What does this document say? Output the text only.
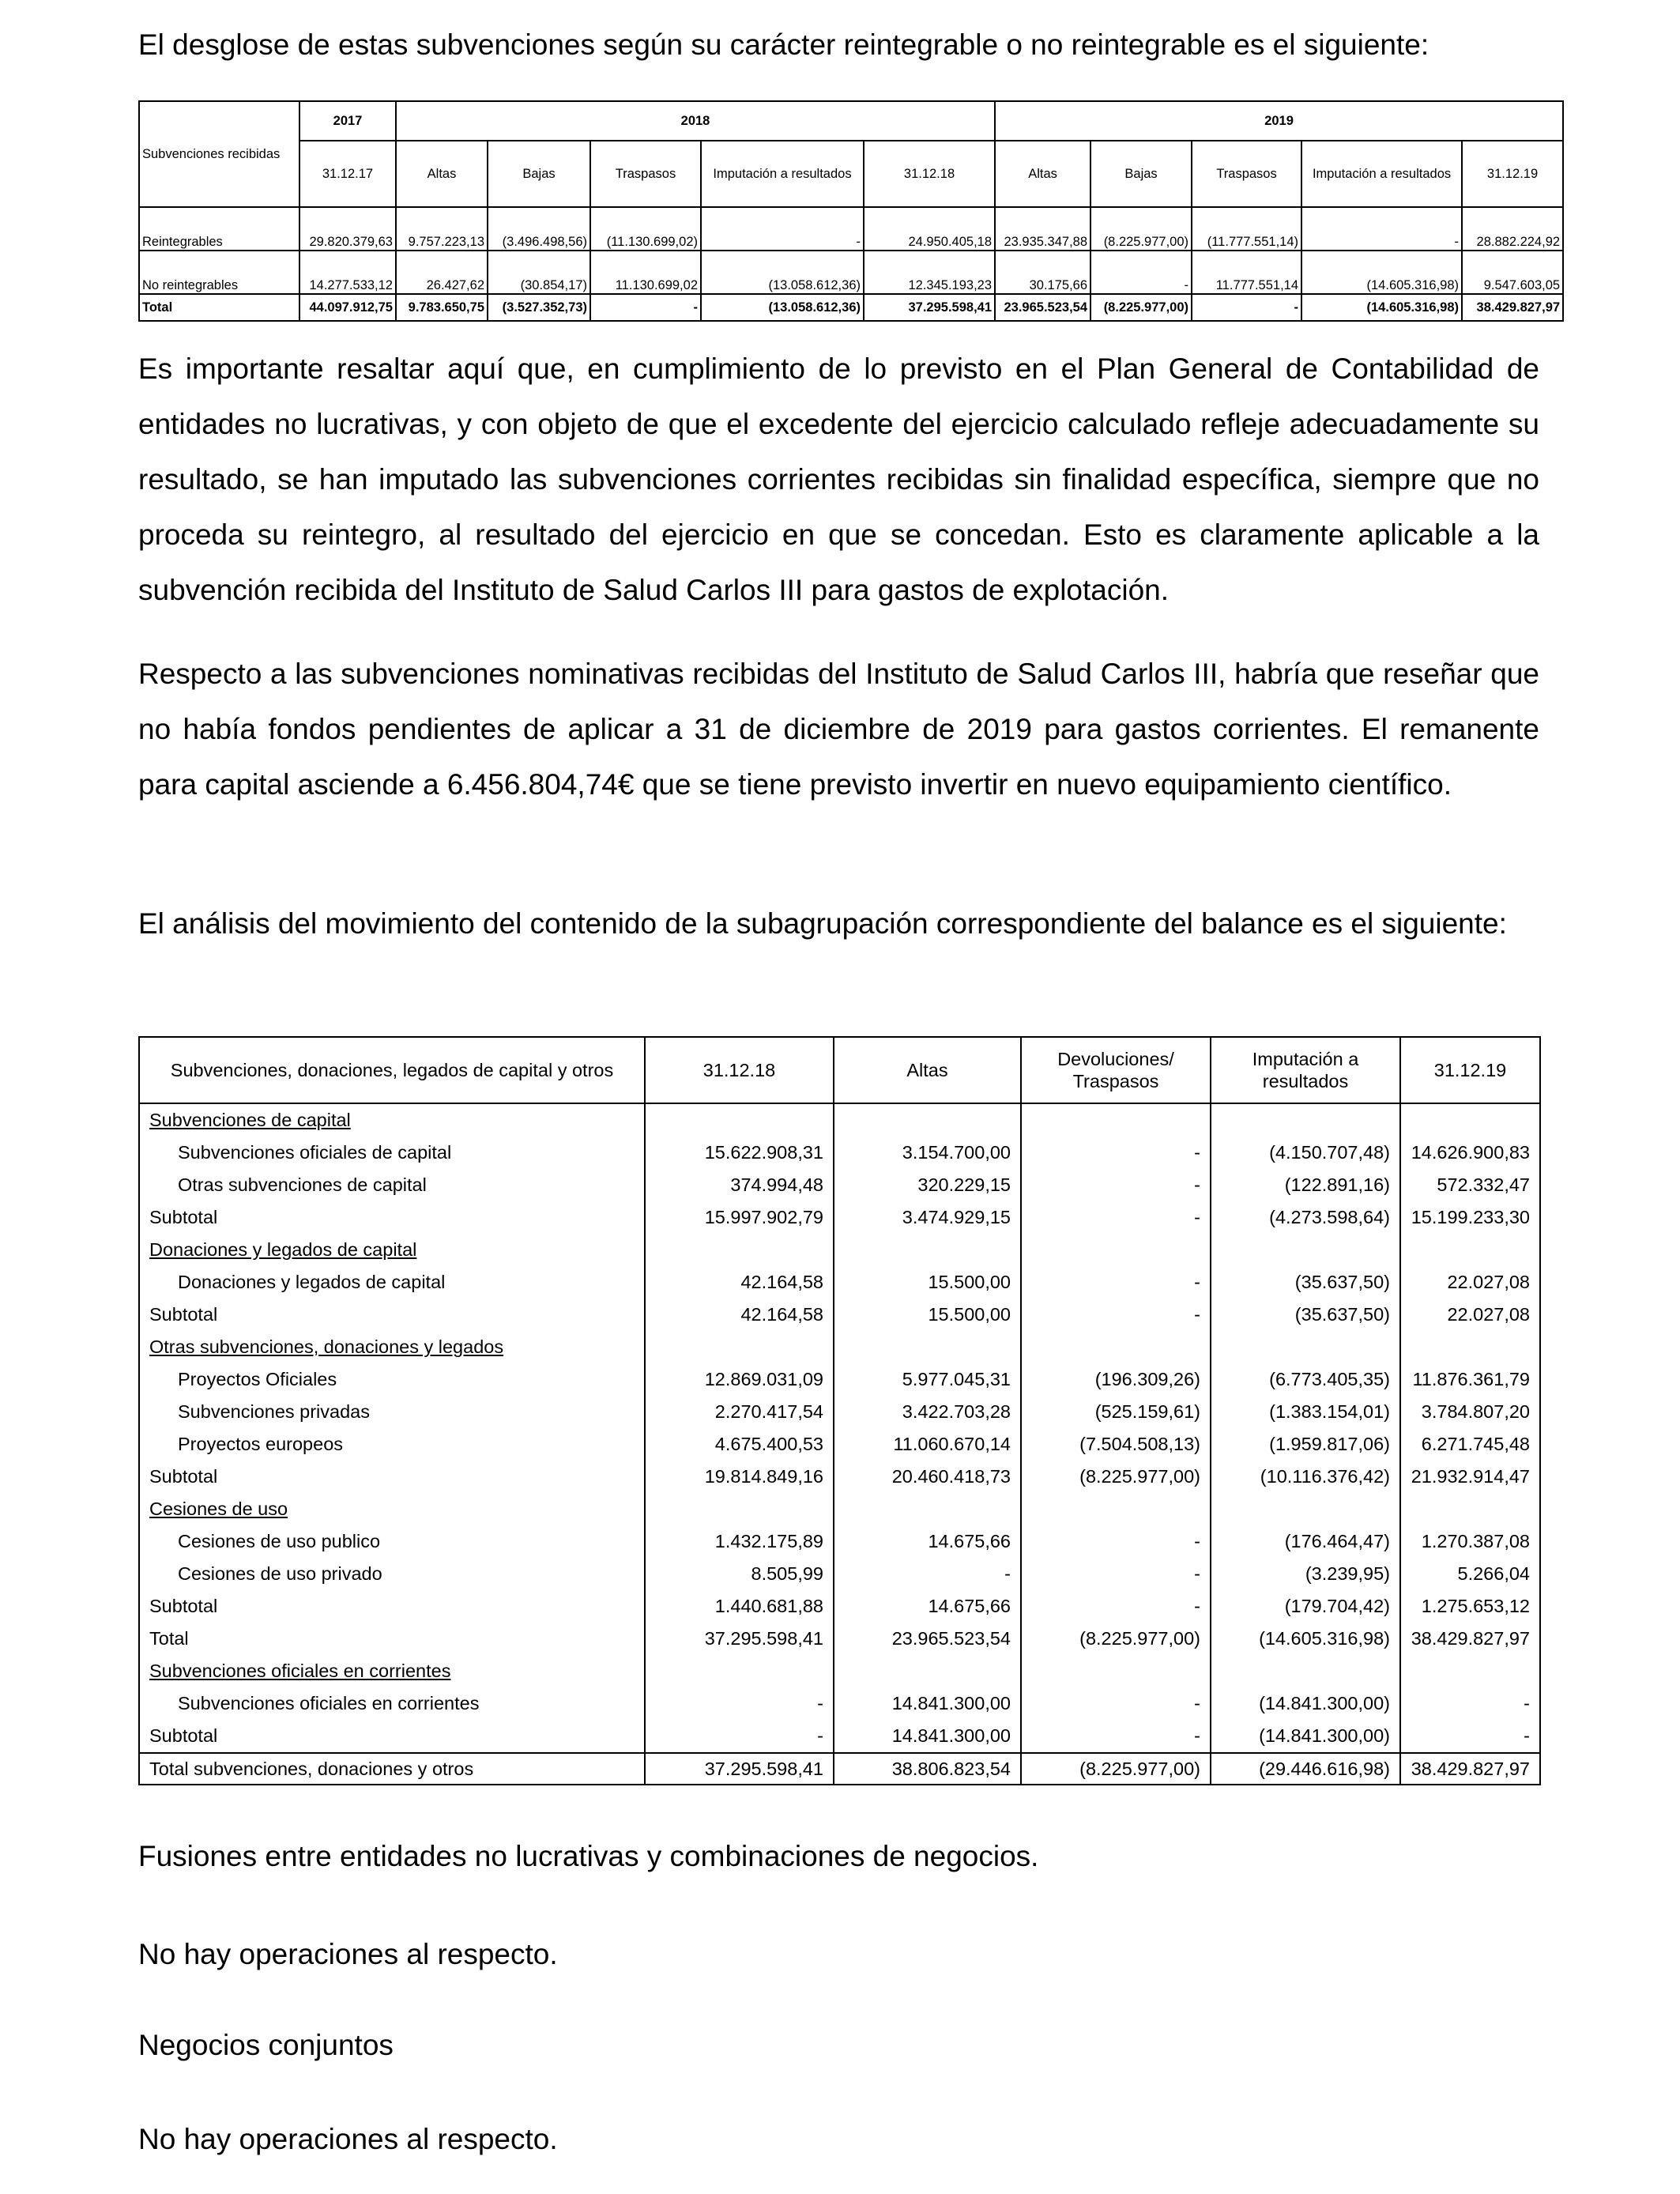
El desglose de estas subvenciones según su carácter reintegrable o no reintegrable es el siguiente:

Subvenciones recibidas	2017	2018					2019				
	31.12.17	Altas	Bajas	Traspasos	Imputación a resultados	31.12.18	Altas	Bajas	Traspasos	Imputación a resultados	31.12.19
Reintegrables	29.820.379,63	9.757.223,13	(3.496.498,56)	(11.130.699,02)	-	24.950.405,18	23.935.347,88	(8.225.977,00)	(11.777.551,14)	-	28.882.224,92
No reintegrables	14.277.533,12	26.427,62	(30.854,17)	11.130.699,02	(13.058.612,36)	12.345.193,23	30.175,66	-	11.777.551,14	(14.605.316,98)	9.547.603,05
Total	44.097.912,75	9.783.650,75	(3.527.352,73)	-	(13.058.612,36)	37.295.598,41	23.965.523,54	(8.225.977,00)	-	(14.605.316,98)	38.429.827,97

Es importante resaltar aquí que, en cumplimiento de lo previsto en el Plan General de Contabilidad de entidades no lucrativas, y con objeto de que el excedente del ejercicio calculado refleje adecuadamente su resultado, se han imputado las subvenciones corrientes recibidas sin finalidad específica, siempre que no proceda su reintegro, al resultado del ejercicio en que se concedan. Esto es claramente aplicable a la subvención recibida del Instituto de Salud Carlos III para gastos de explotación.

Respecto a las subvenciones nominativas recibidas del Instituto de Salud Carlos III, habría que reseñar que no había fondos pendientes de aplicar a 31 de diciembre de 2019 para gastos corrientes. El remanente para capital asciende a 6.456.804,74€ que se tiene previsto invertir en nuevo equipamiento científico.

El análisis del movimiento del contenido de la subagrupación correspondiente del balance es el siguiente:

Subvenciones, donaciones, legados de capital y otros	31.12.18	Altas	Devoluciones/ Traspasos	Imputación a resultados	31.12.19
Subvenciones de capital					
Subvenciones oficiales de capital	15.622.908,31	3.154.700,00	-	(4.150.707,48)	14.626.900,83
Otras subvenciones de capital	374.994,48	320.229,15	-	(122.891,16)	572.332,47
Subtotal	15.997.902,79	3.474.929,15	-	(4.273.598,64)	15.199.233,30
Donaciones y legados de capital					
Donaciones y legados de capital	42.164,58	15.500,00	-	(35.637,50)	22.027,08
Subtotal	42.164,58	15.500,00	-	(35.637,50)	22.027,08
Otras subvenciones, donaciones y legados					
Proyectos Oficiales	12.869.031,09	5.977.045,31	(196.309,26)	(6.773.405,35)	11.876.361,79
Subvenciones privadas	2.270.417,54	3.422.703,28	(525.159,61)	(1.383.154,01)	3.784.807,20
Proyectos europeos	4.675.400,53	11.060.670,14	(7.504.508,13)	(1.959.817,06)	6.271.745,48
Subtotal	19.814.849,16	20.460.418,73	(8.225.977,00)	(10.116.376,42)	21.932.914,47
Cesiones de uso					
Cesiones de uso publico	1.432.175,89	14.675,66	-	(176.464,47)	1.270.387,08
Cesiones de uso privado	8.505,99	-	-	(3.239,95)	5.266,04
Subtotal	1.440.681,88	14.675,66	-	(179.704,42)	1.275.653,12
Total	37.295.598,41	23.965.523,54	(8.225.977,00)	(14.605.316,98)	38.429.827,97
Subvenciones oficiales en corrientes					
Subvenciones oficiales en corrientes	-	14.841.300,00	-	(14.841.300,00)	-
Subtotal	-	14.841.300,00	-	(14.841.300,00)	-
Total subvenciones, donaciones y otros	37.295.598,41	38.806.823,54	(8.225.977,00)	(29.446.616,98)	38.429.827,97

Fusiones entre entidades no lucrativas y combinaciones de negocios.

No hay operaciones al respecto.

Negocios conjuntos

No hay operaciones al respecto.
